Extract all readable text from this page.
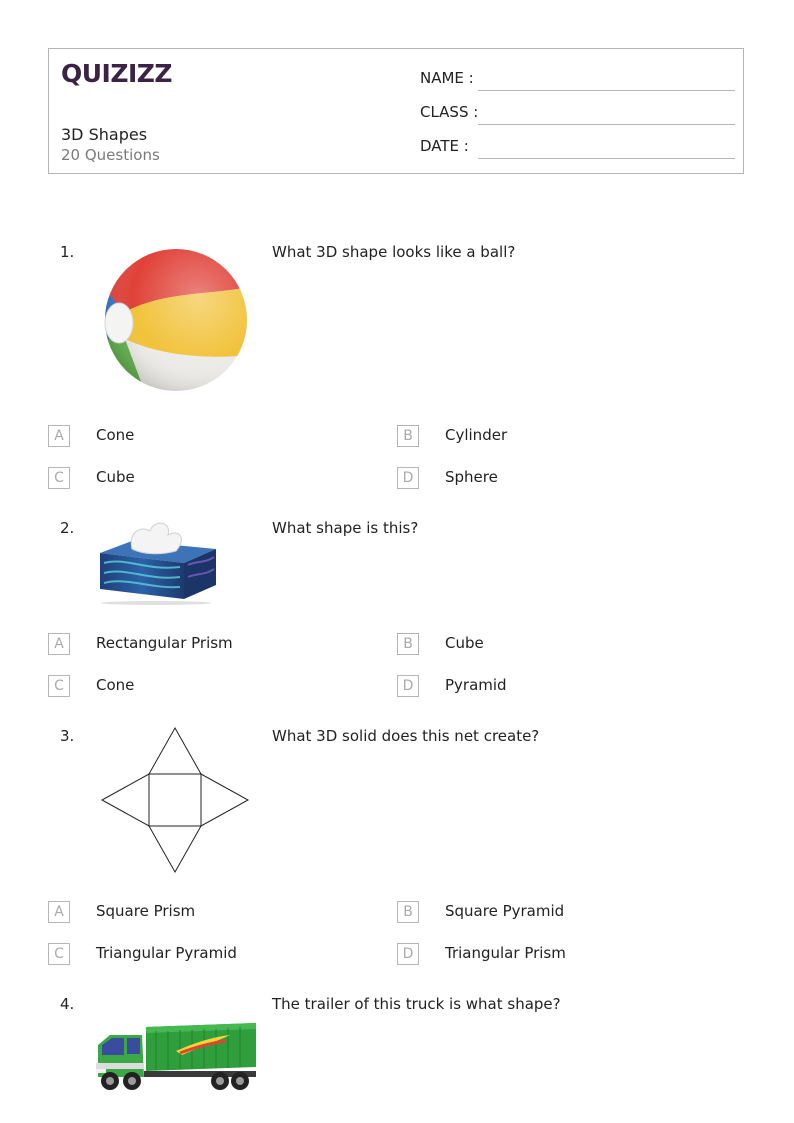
QUIZIZZ
3D Shapes
20 Questions
NAME :
CLASS :
DATE :
1.	What 3D shape looks like a ball?
A	Cone	B	Cylinder
C	Cube	D	Sphere
2.	What shape is this?
A	Rectangular Prism	B	Cube
C	Cone	D	Pyramid
3.	What 3D solid does this net create?
A	Square Prism	B	Square Pyramid
C	Triangular Pyramid	D	Triangular Prism
4.	The trailer of this truck is what shape?
